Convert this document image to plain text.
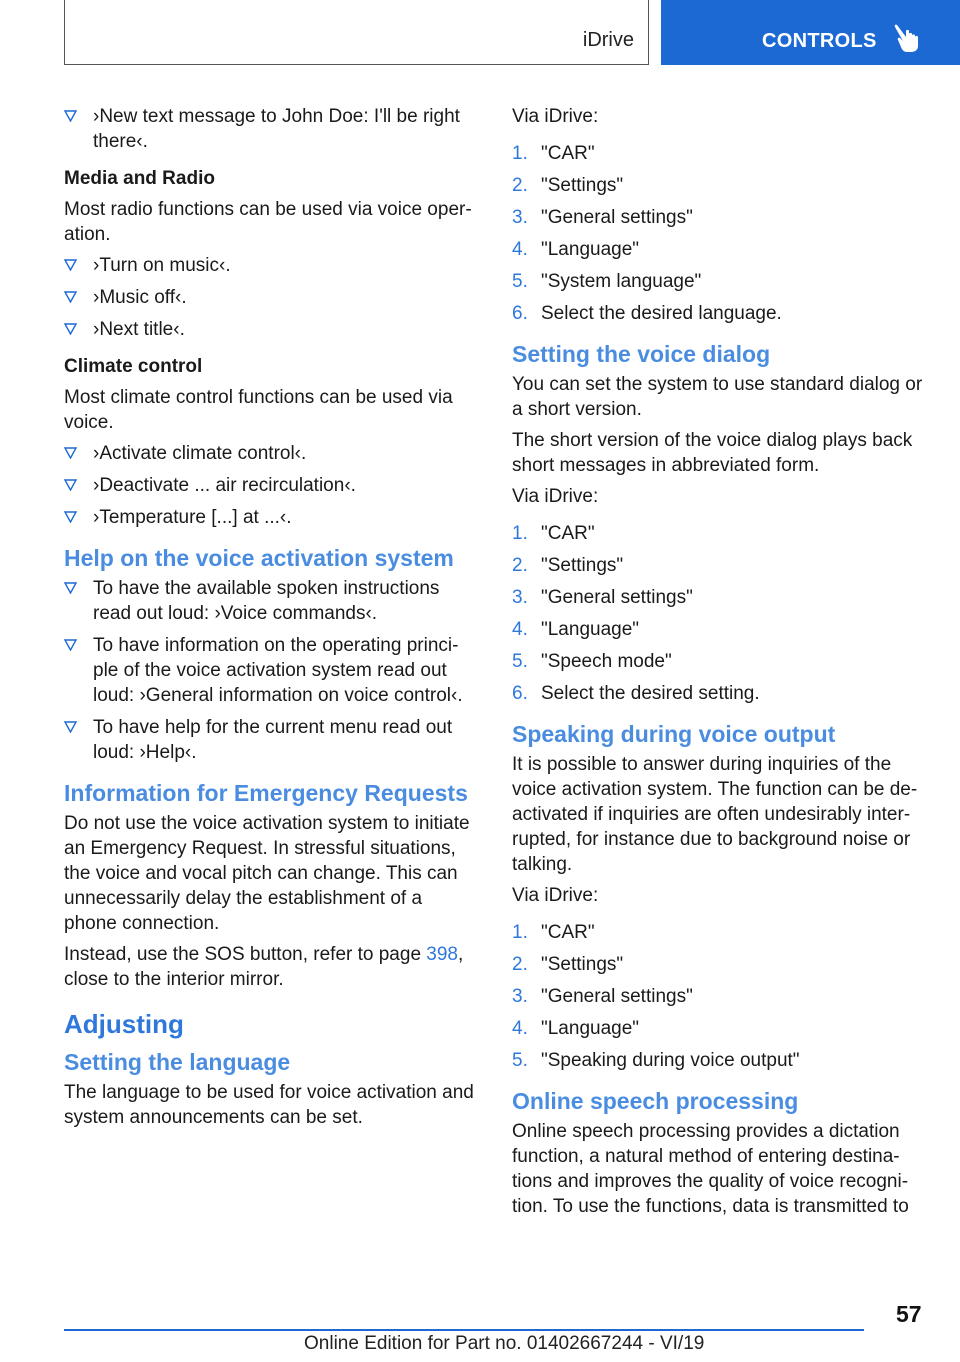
iDrive	CONTROLS
›New text message to John Doe: I'll be right there‹.
Media and Radio

Most radio functions can be used via voice oper‐ation.

›Turn on music‹.
›Music off‹.
›Next title‹.
Climate control

Most climate control functions can be used via voice.

›Activate climate control‹.
›Deactivate ... air recirculation‹.
›Temperature [...] at ...‹.
Help on the voice activation system
To have the available spoken instructions read out loud: ›Voice commands‹.
To have information on the operating princi‐ple of the voice activation system read out loud: ›General information on voice control‹.
To have help for the current menu read out loud: ›Help‹.
Information for Emergency Requests

Do not use the voice activation system to initiate an Emergency Request. In stressful situations, the voice and vocal pitch can change. This can unnecessarily delay the establishment of a phone connection.

Instead, use the SOS button, refer to page 398, close to the interior mirror.

Adjusting
Setting the language

The language to be used for voice activation and system announcements can be set.

Via iDrive:

1. "CAR"
2. "Settings"
3. "General settings"
4. "Language"
5. "System language"
6. Select the desired language.
Setting the voice dialog

You can set the system to use standard dialog or a short version.

The short version of the voice dialog plays back short messages in abbreviated form.

Via iDrive:

1. "CAR"
2. "Settings"
3. "General settings"
4. "Language"
5. "Speech mode"
6. Select the desired setting.
Speaking during voice output

It is possible to answer during inquiries of the voice activation system. The function can be de‐activated if inquiries are often undesirably inter‐rupted, for instance due to background noise or talking.

Via iDrive:

1. "CAR"
2. "Settings"
3. "General settings"
4. "Language"
5. "Speaking during voice output"
Online speech processing

Online speech processing provides a dictation function, a natural method of entering destina‐tions and improves the quality of voice recogni‐tion. To use the functions, data is transmitted to

57
Online Edition for Part no. 01402667244 - VI/19
